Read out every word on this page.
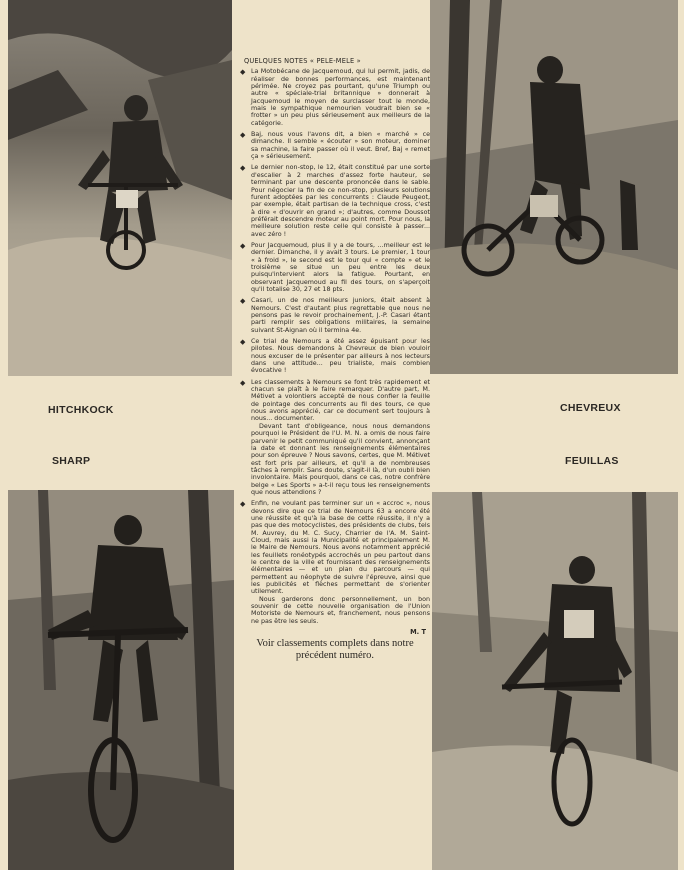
HITCHKOCK	CHEVREUX
SHARP	FEUILLAS
QUELQUES NOTES « PELE-MELE »
◆ La Motobécane de Jacquemoud, qui lui permit, jadis, de réaliser de bonnes performances, est maintenant périmée. Ne croyez pas pourtant, qu'une Triumph ou autre « spéciale-trial britannique » donnerait à Jacquemoud le moyen de surclasser tout le monde, mais le sympathique nemourien voudrait bien se « frotter » un peu plus sérieusement aux meilleurs de la catégorie.
◆ Baj, nous vous l'avons dit, a bien « marché » ce dimanche. Il semble « écouter » son moteur, dominer sa machine, la faire passer où il veut. Bref, Baj « remet ça » sérieusement.
◆ Le dernier non-stop, le 12, était constitué par une sorte d'escalier à 2 marches d'assez forte hauteur, se terminant par une descente prononcée dans le sable. Pour négocier la fin de ce non-stop, plusieurs solutions furent adoptées par les concurrents : Claude Peugeot, par exemple, était partisan de la technique cross, c'est à dire « d'ouvrir en grand »; d'autres, comme Doussot préférait descendre moteur au point mort. Pour nous, la meilleure solution reste celle qui consiste à passer... avec zéro !
◆ Pour Jacquemoud, plus il y a de tours, ...meilleur est le dernier. Dimanche, il y avait 3 tours. Le premier, 1 tour « à froid », le second est le tour qui « compte » et le troisième se situe un peu entre les deux puisqu'intervient alors la fatigue. Pourtant, en observant Jacquemoud au fil des tours, on s'aperçoit qu'il totalise 30, 27 et 18 pts.
◆ Casari, un de nos meilleurs juniors, était absent à Nemours. C'est d'autant plus regrettable que nous ne pensons pas le revoir prochainement, J.-P. Casari étant parti remplir ses obligations militaires, la semaine suivant St-Aignan où il termina 4e.
◆ Ce trial de Nemours a été assez épuisant pour les pilotes. Nous demandons à Chevreux de bien vouloir nous excuser de le présenter par ailleurs à nos lecteurs dans une attitude... peu trialiste, mais combien évocative !
◆ Les classements à Nemours se font très rapidement et chacun se plaît à le faire remarquer. D'autre part, M. Métivet a volontiers accepté de nous confier la feuille de pointage des concurrents au fil des tours, ce que nous avons apprécié, car ce document sert toujours à nous... documenter.
Devant tant d'obligeance, nous nous demandons pourquoi le Président de l'U. M. N. a omis de nous faire parvenir le petit communiqué qu'il convient, annonçant la date et donnant les renseignements élémentaires pour son épreuve ? Nous savons, certes, que M. Métivet est fort pris par ailleurs, et qu'il a de nombreuses tâches à remplir. Sans doute, s'agit-il là, d'un oubli bien involontaire. Mais pourquoi, dans ce cas, notre confrère belge « Les Sports » a-t-il reçu tous les renseignements que nous attendions ?
◆ Enfin, ne voulant pas terminer sur un « accroc », nous devons dire que ce trial de Nemours 63 a encore été une réussite et qu'à la base de cette réussite, il n'y a pas que des motocyclistes, des présidents de clubs, tels M. Auvrey, du M. C. Sucy, Charrier de l'A. M. Saint-Cloud, mais aussi la Municipalité et principalement M. le Maire de Nemours. Nous avons notamment apprécié les feuillets ronéotypés accrochés un peu partout dans le centre de la ville et fournissant des renseignements élémentaires — et un plan du parcours — qui permettent au néophyte de suivre l'épreuve, ainsi que les publicités et flèches permettant de s'orienter utilement.
Nous garderons donc personnellement, un bon souvenir de cette nouvelle organisation de l'Union Motoriste de Nemours et, franchement, nous pensons ne pas être les seuls.
M. T
Voir classements complets dans notre précédent numéro.
